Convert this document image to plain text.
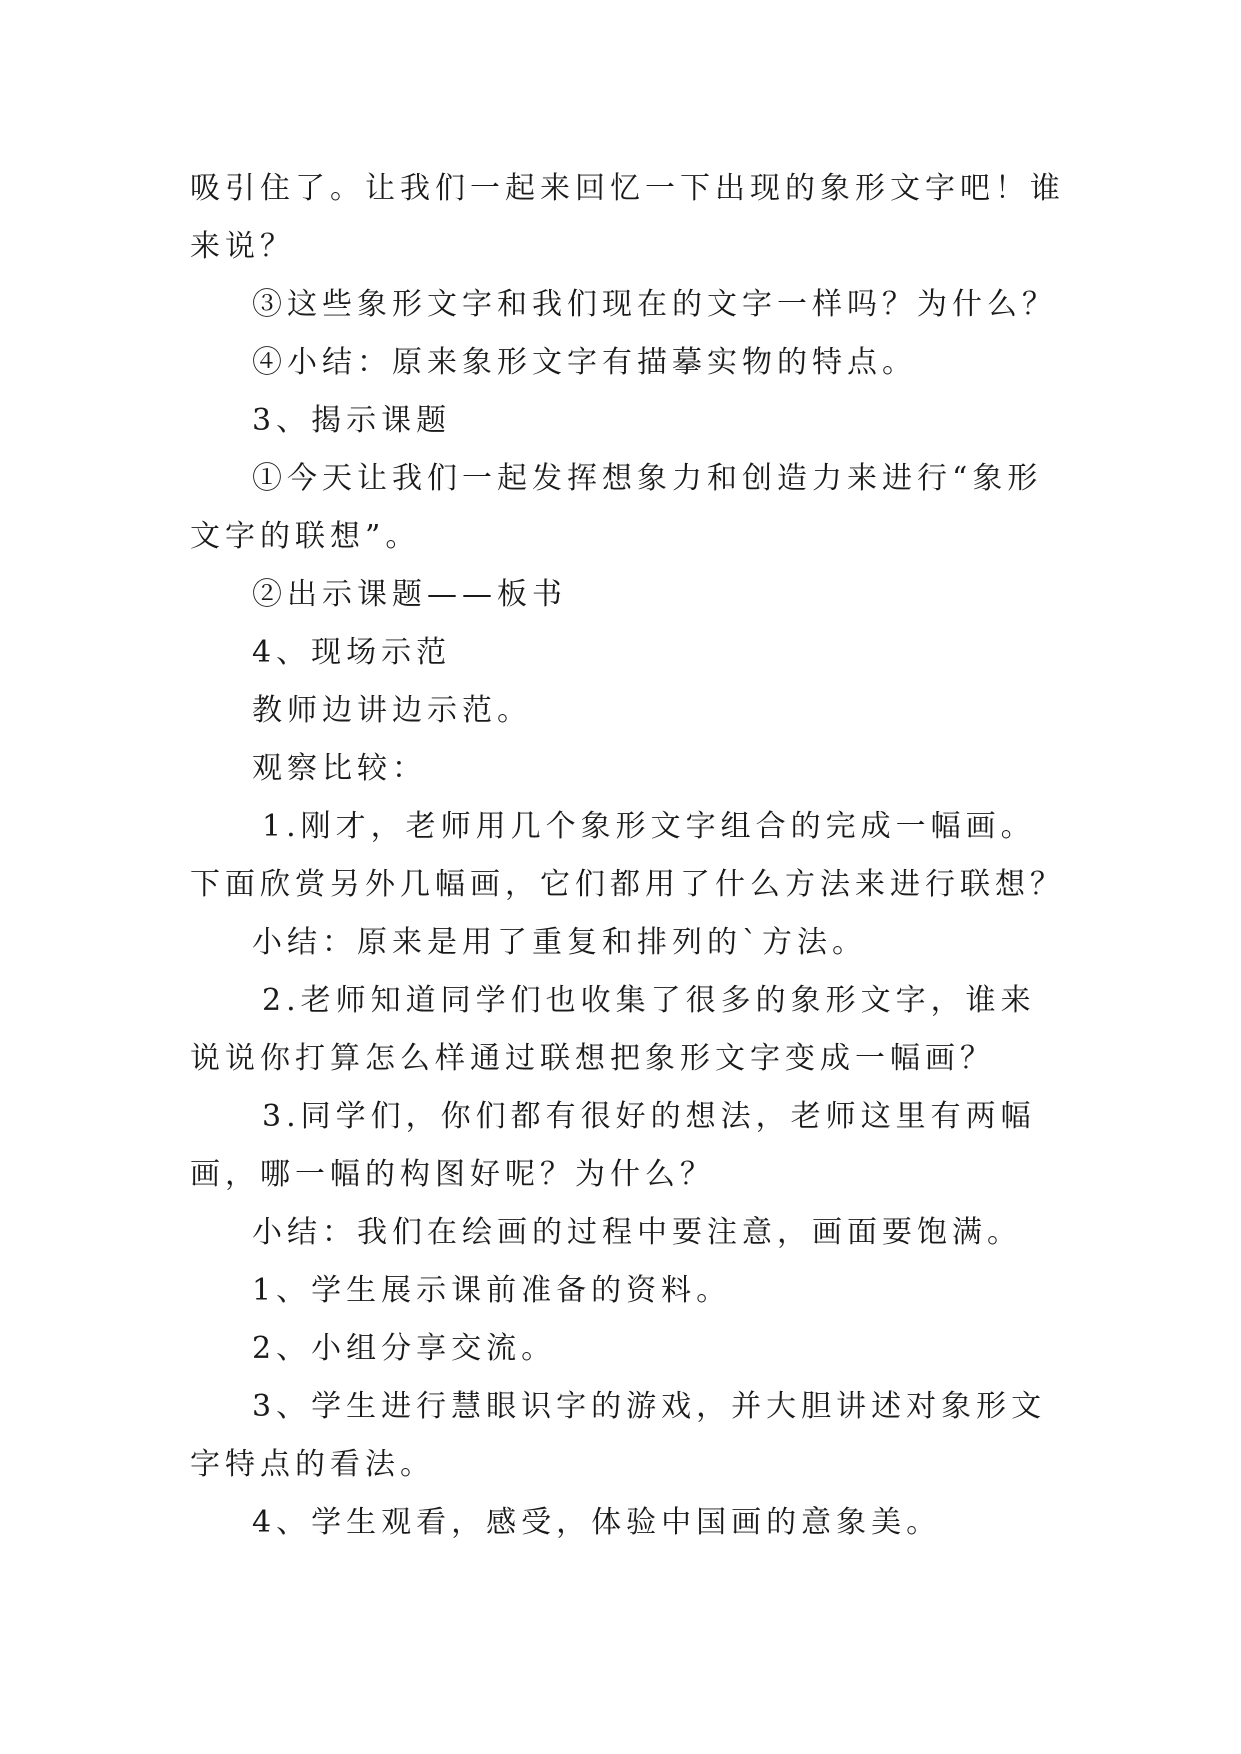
吸引住了。让我们一起来回忆一下出现的象形文字吧！谁来说？

③这些象形文字和我们现在的文字一样吗？为什么？

④小结：原来象形文字有描摹实物的特点。

3、揭示课题

①今天让我们一起发挥想象力和创造力来进行“象形文字的联想”。

②出示课题——板书

4、现场示范

教师边讲边示范。

观察比较：

1.刚才，老师用几个象形文字组合的完成一幅画。下面欣赏另外几幅画，它们都用了什么方法来进行联想？

小结：原来是用了重复和排列的`方法。

2.老师知道同学们也收集了很多的象形文字，谁来说说你打算怎么样通过联想把象形文字变成一幅画？

3.同学们，你们都有很好的想法，老师这里有两幅画，哪一幅的构图好呢？为什么？

小结：我们在绘画的过程中要注意，画面要饱满。

1、学生展示课前准备的资料。

2、小组分享交流。

3、学生进行慧眼识字的游戏，并大胆讲述对象形文字特点的看法。

4、学生观看，感受，体验中国画的意象美。
